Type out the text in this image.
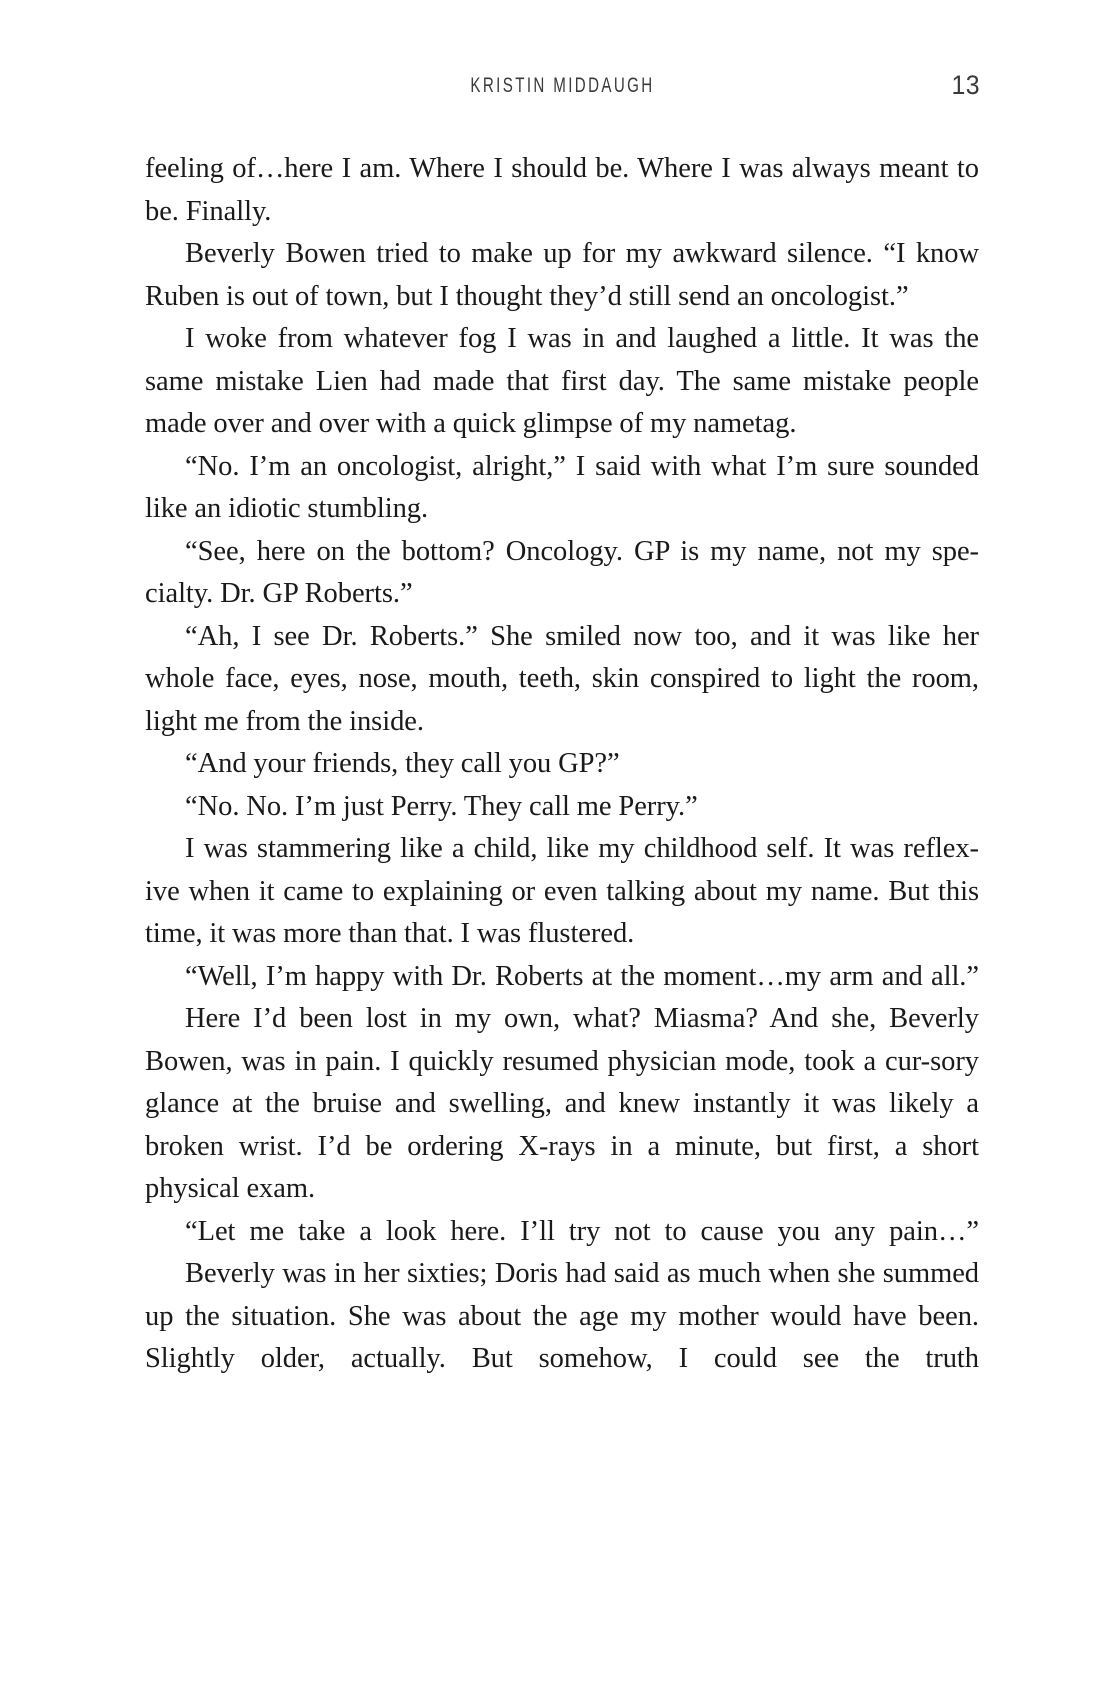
KRISTIN MIDDAUGH	13

feeling of…here I am. Where I should be. Where I was always meant to be. Finally.

Beverly Bowen tried to make up for my awkward silence. “I know Ruben is out of town, but I thought they’d still send an oncologist.”

I woke from whatever fog I was in and laughed a little. It was the same mistake Lien had made that first day. The same mistake people made over and over with a quick glimpse of my nametag.

“No. I’m an oncologist, alright,” I said with what I’m sure sounded like an idiotic stumbling.

“See, here on the bottom? Oncology. GP is my name, not my spe-cialty. Dr. GP Roberts.”

“Ah, I see Dr. Roberts.” She smiled now too, and it was like her whole face, eyes, nose, mouth, teeth, skin conspired to light the room, light me from the inside.

“And your friends, they call you GP?”

“No. No. I’m just Perry. They call me Perry.”

I was stammering like a child, like my childhood self. It was reflex-ive when it came to explaining or even talking about my name. But this time, it was more than that. I was flustered.

“Well, I’m happy with Dr. Roberts at the moment…my arm and all.”

Here I’d been lost in my own, what? Miasma? And she, Beverly Bowen, was in pain. I quickly resumed physician mode, took a cur-sory glance at the bruise and swelling, and knew instantly it was likely a broken wrist. I’d be ordering X-rays in a minute, but first, a short physical exam.

“Let me take a look here. I’ll try not to cause you any pain…”

Beverly was in her sixties; Doris had said as much when she summed up the situation. She was about the age my mother would have been. Slightly older, actually. But somehow, I could see the truth
